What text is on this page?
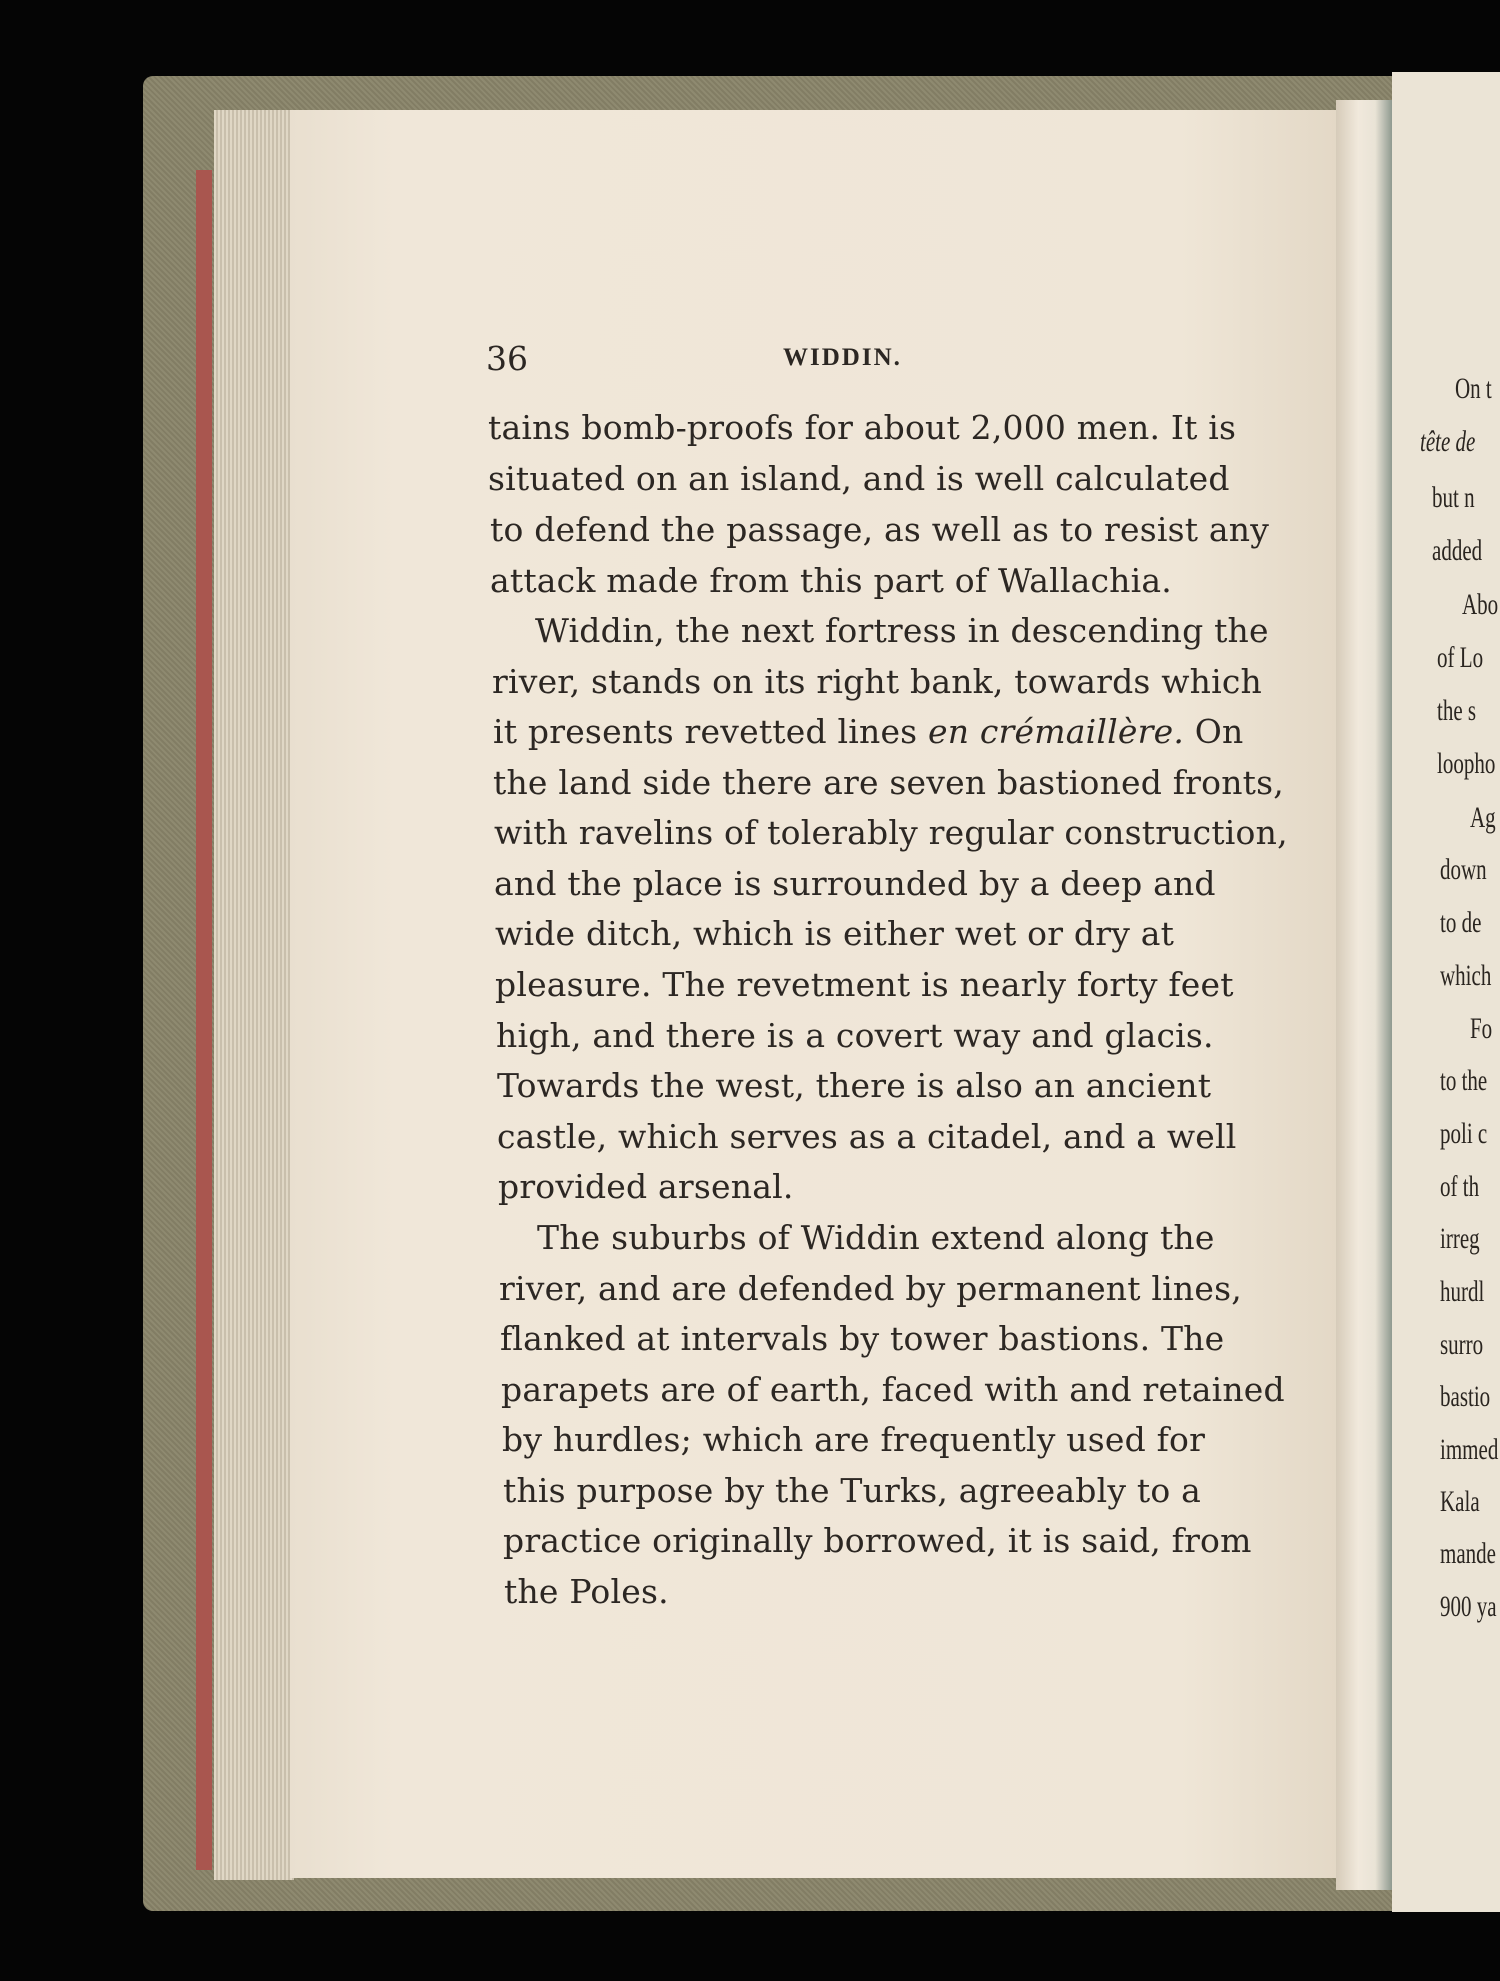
36	WIDDIN.

tains bomb-proofs for about 2,000 men. It is

situated on an island, and is well calculated

to defend the passage, as well as to resist any

attack made from this part of Wallachia.

Widdin, the next fortress in descending the

river, stands on its right bank, towards which

it presents revetted lines en crémaillère. On

the land side there are seven bastioned fronts,

with ravelins of tolerably regular construction,

and the place is surrounded by a deep and

wide ditch, which is either wet or dry at

pleasure. The revetment is nearly forty feet

high, and there is a covert way and glacis.

Towards the west, there is also an ancient

castle, which serves as a citadel, and a well

provided arsenal.

The suburbs of Widdin extend along the

river, and are defended by permanent lines,

flanked at intervals by tower bastions. The

parapets are of earth, faced with and retained

by hurdles; which are frequently used for

this purpose by the Turks, agreeably to a

practice originally borrowed, it is said, from

the Poles.

On t

tête de

but n

added

Abo

of Lo

the s

loopho

Ag

down

to de

which

Fo

to the

poli c

of th

irreg

hurdl

surro

bastio

immed

Kala

mande

900 ya
